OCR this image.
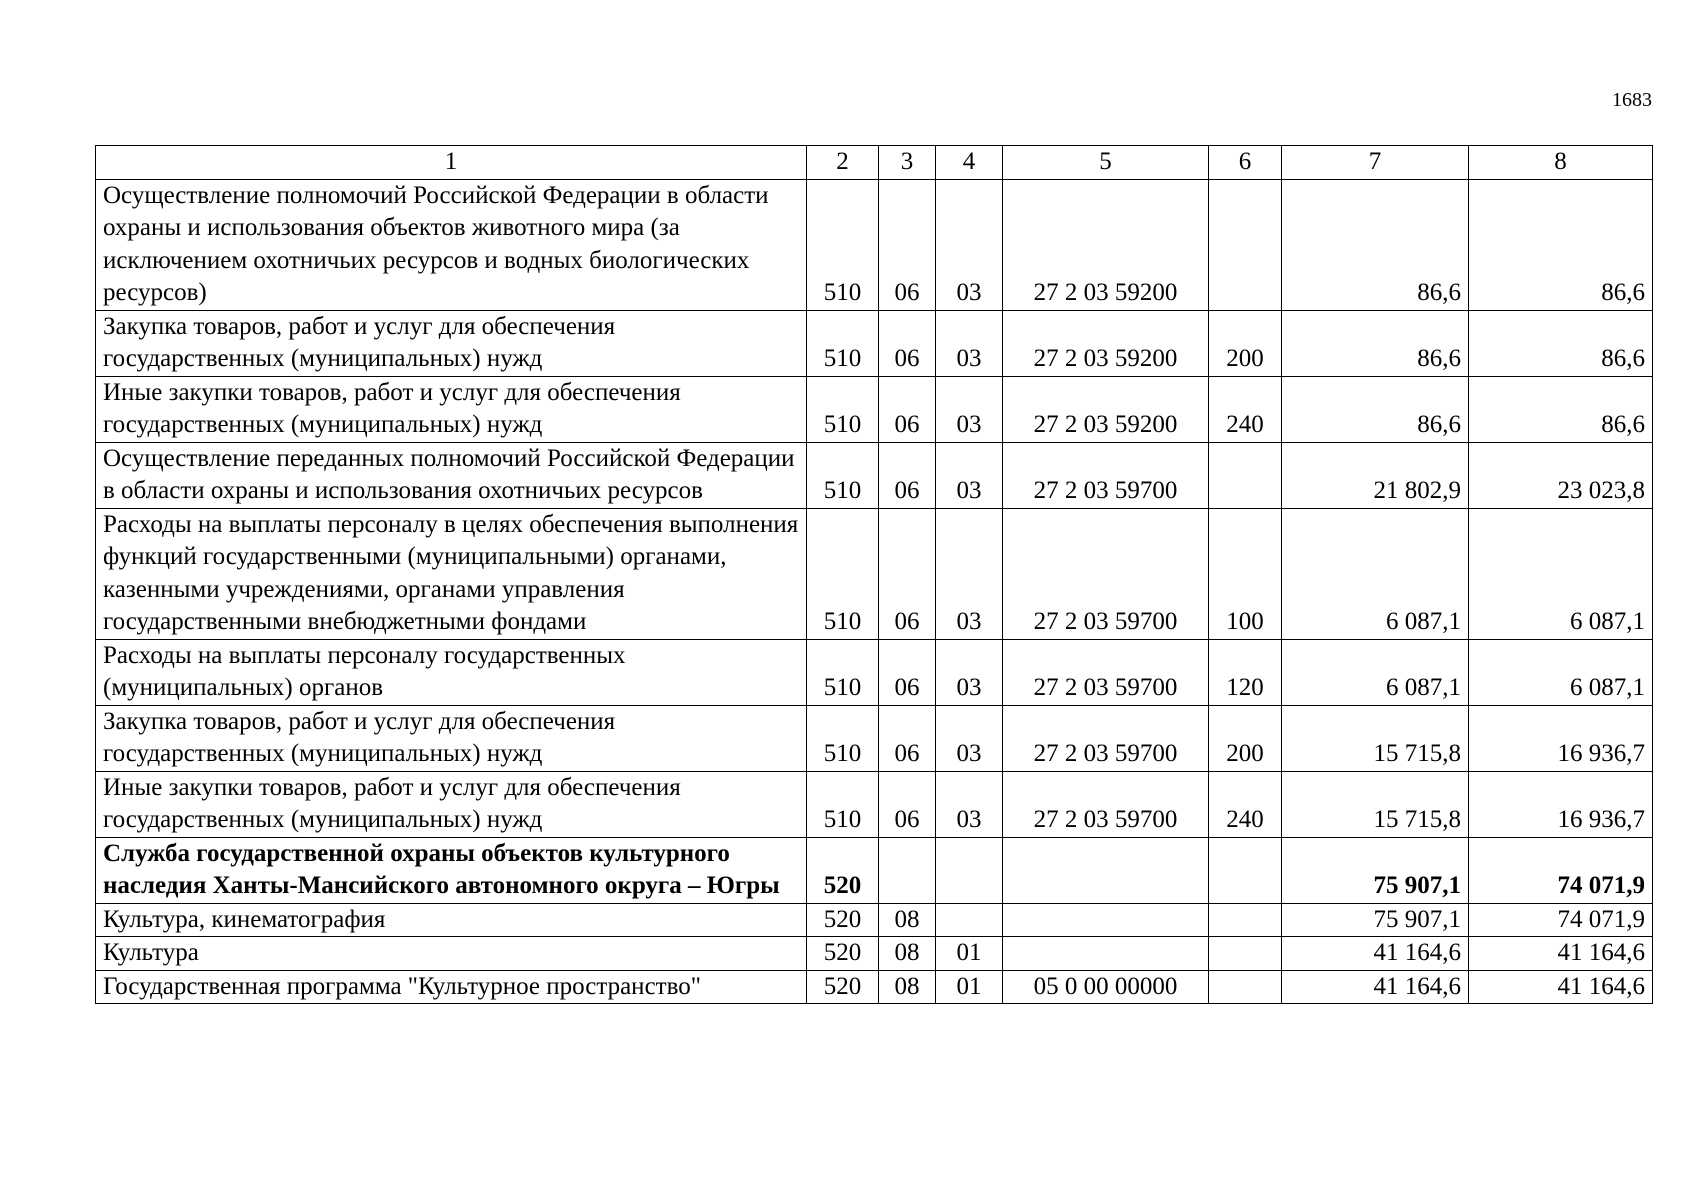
1683
1	2	3	4	5	6	7	8
Осуществление полномочий Российской Федерации в области охраны и использования объектов животного мира (за исключением охотничьих ресурсов и водных биологических ресурсов)	510	06	03	27 2 03 59200		86,6	86,6
Закупка товаров, работ и услуг для обеспечения государственных (муниципальных) нужд	510	06	03	27 2 03 59200	200	86,6	86,6
Иные закупки товаров, работ и услуг для обеспечения государственных (муниципальных) нужд	510	06	03	27 2 03 59200	240	86,6	86,6
Осуществление переданных полномочий Российской Федерации в области охраны и использования охотничьих ресурсов	510	06	03	27 2 03 59700		21 802,9	23 023,8
Расходы на выплаты персоналу в целях обеспечения выполнения функций государственными (муниципальными) органами, казенными учреждениями, органами управления государственными внебюджетными фондами	510	06	03	27 2 03 59700	100	6 087,1	6 087,1
Расходы на выплаты персоналу государственных (муниципальных) органов	510	06	03	27 2 03 59700	120	6 087,1	6 087,1
Закупка товаров, работ и услуг для обеспечения государственных (муниципальных) нужд	510	06	03	27 2 03 59700	200	15 715,8	16 936,7
Иные закупки товаров, работ и услуг для обеспечения государственных (муниципальных) нужд	510	06	03	27 2 03 59700	240	15 715,8	16 936,7
Служба государственной охраны объектов культурного наследия Ханты-Мансийского автономного округа – Югры	520					75 907,1	74 071,9
Культура, кинематография	520	08				75 907,1	74 071,9
Культура	520	08	01			41 164,6	41 164,6
Государственная программа "Культурное пространство"	520	08	01	05 0 00 00000		41 164,6	41 164,6
